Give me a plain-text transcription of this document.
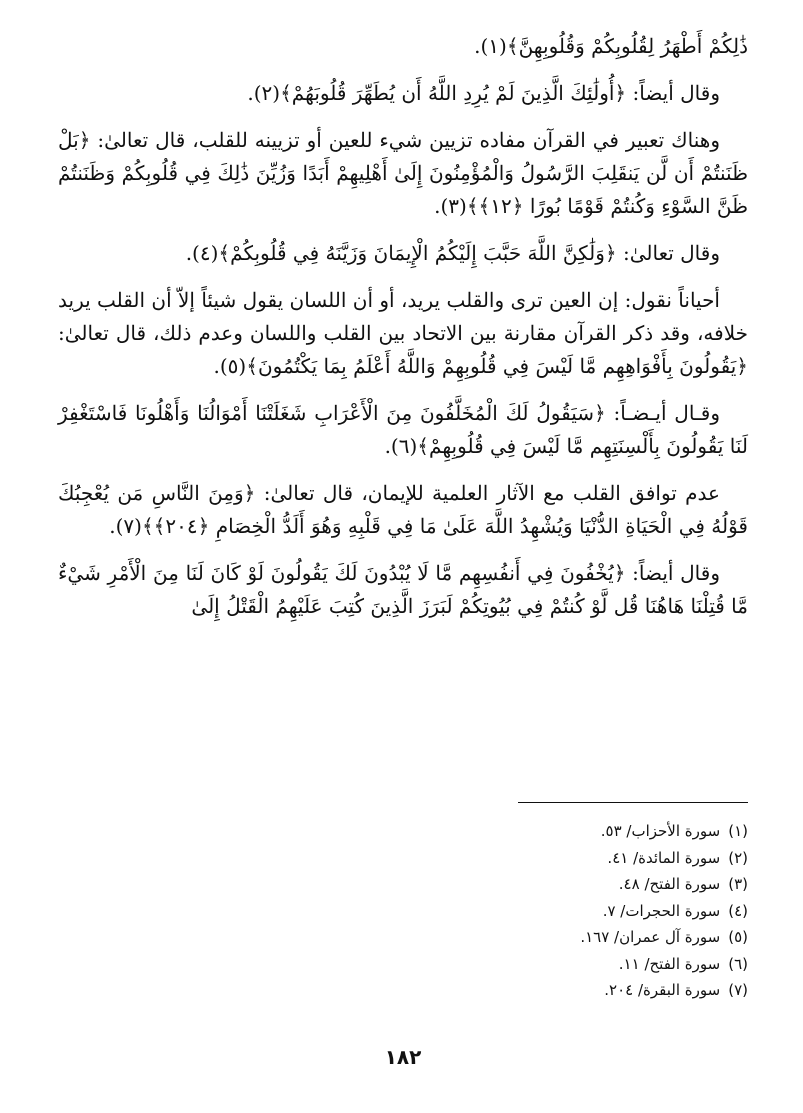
ذَٰلِكُمْ أَطْهَرُ لِقُلُوبِكُمْ وَقُلُوبِهِنَّ﴾(١).

وقال أيضاً: ﴿أُولَٰئِكَ الَّذِينَ لَمْ يُرِدِ اللَّهُ أَن يُطَهِّرَ قُلُوبَهُمْ﴾(٢).

وهناك تعبير في القرآن مفاده تزيين شيء للعين أو تزيينه للقلب، قال تعالىٰ: ﴿بَلْ ظَنَنتُمْ أَن لَّن يَنقَلِبَ الرَّسُولُ وَالْمُؤْمِنُونَ إِلَىٰ أَهْلِيهِمْ أَبَدًا وَزُيِّنَ ذَٰلِكَ فِي قُلُوبِكُمْ وَظَنَنتُمْ ظَنَّ السَّوْءِ وَكُنتُمْ قَوْمًا بُورًا ﴿١٢﴾﴾(٣).

وقال تعالىٰ: ﴿وَلَٰكِنَّ اللَّهَ حَبَّبَ إِلَيْكُمُ الْإِيمَانَ وَزَيَّنَهُ فِي قُلُوبِكُمْ﴾(٤).

أحياناً نقول: إن العين ترى والقلب يريد، أو أن اللسان يقول شيئاً إلاّ أن القلب يريد خلافه، وقد ذكر القرآن مقارنة بين الاتحاد بين القلب واللسان وعدم ذلك، قال تعالىٰ: ﴿يَقُولُونَ بِأَفْوَاهِهِم مَّا لَيْسَ فِي قُلُوبِهِمْ وَاللَّهُ أَعْلَمُ بِمَا يَكْتُمُونَ﴾(٥).

وقـال أيـضـاً: ﴿سَيَقُولُ لَكَ الْمُخَلَّفُونَ مِنَ الْأَعْرَابِ شَغَلَتْنَا أَمْوَالُنَا وَأَهْلُونَا فَاسْتَغْفِرْ لَنَا يَقُولُونَ بِأَلْسِنَتِهِم مَّا لَيْسَ فِي قُلُوبِهِمْ﴾(٦).

عدم توافق القلب مع الآثار العلمية للإيمان، قال تعالىٰ: ﴿وَمِنَ النَّاسِ مَن يُعْجِبُكَ قَوْلُهُ فِي الْحَيَاةِ الدُّنْيَا وَيُشْهِدُ اللَّهَ عَلَىٰ مَا فِي قَلْبِهِ وَهُوَ أَلَدُّ الْخِصَامِ ﴿٢٠٤﴾﴾(٧).

وقال أيضاً: ﴿يُخْفُونَ فِي أَنفُسِهِم مَّا لَا يُبْدُونَ لَكَ يَقُولُونَ لَوْ كَانَ لَنَا مِنَ الْأَمْرِ شَيْءٌ مَّا قُتِلْنَا هَاهُنَا قُل لَّوْ كُنتُمْ فِي بُيُوتِكُمْ لَبَرَزَ الَّذِينَ كُتِبَ عَلَيْهِمُ الْقَتْلُ إِلَىٰ

(١)سورة الأحزاب/ ٥٣.
(٢)سورة المائدة/ ٤١.
(٣)سورة الفتح/ ٤٨.
(٤)سورة الحجرات/ ٧.
(٥)سورة آل عمران/ ١٦٧.
(٦)سورة الفتح/ ١١.
(٧)سورة البقرة/ ٢٠٤.
١٨٢
